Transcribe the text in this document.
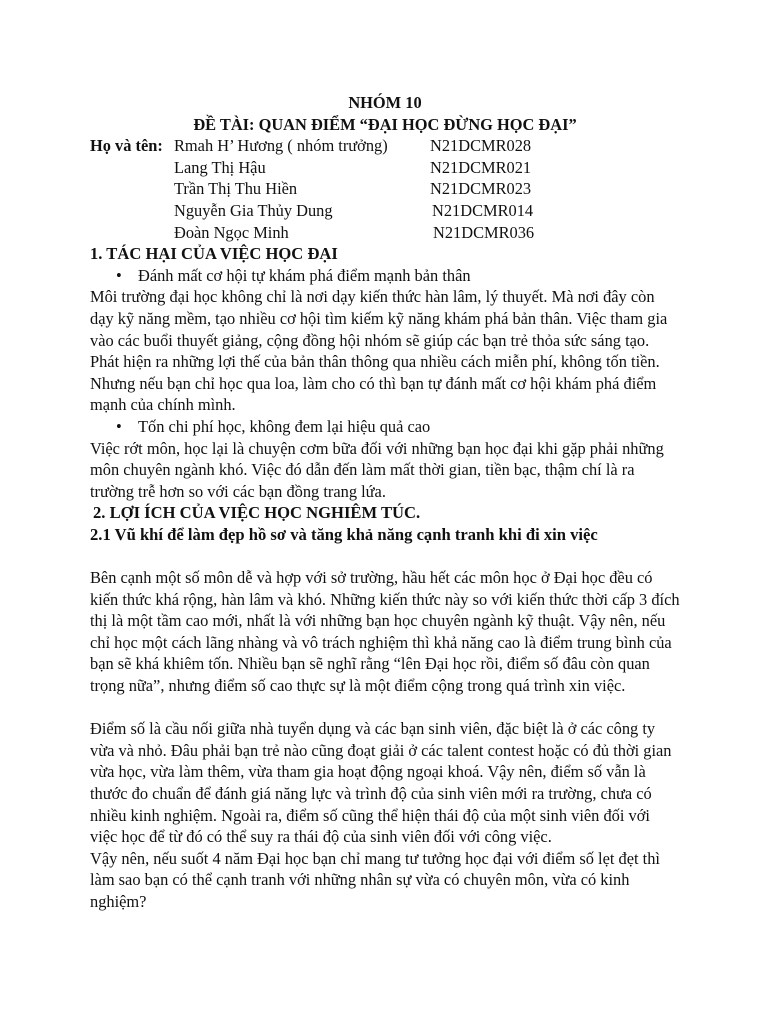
NHÓM 10
ĐỀ TÀI: QUAN ĐIỂM “ĐẠI HỌC ĐỪNG HỌC ĐẠI”
Họ và tên: Rmah H’ Hương ( nhóm trưởng)	N21DCMR028
Lang Thị Hậu	N21DCMR021
Trần Thị Thu Hiền	N21DCMR023
Nguyễn Gia Thủy Dung	N21DCMR014
Đoàn Ngọc Minh	N21DCMR036
1. TÁC HẠI CỦA VIỆC HỌC ĐẠI
• Đánh mất cơ hội tự khám phá điểm mạnh bản thân

Môi trường đại học không chỉ là nơi dạy kiến thức hàn lâm, lý thuyết. Mà nơi đây còn dạy kỹ năng mềm, tạo nhiều cơ hội tìm kiếm kỹ năng khám phá bản thân. Việc tham gia vào các buổi thuyết giảng, cộng đồng hội nhóm sẽ giúp các bạn trẻ thỏa sức sáng tạo. Phát hiện ra những lợi thế của bản thân thông qua nhiều cách miễn phí, không tốn tiền. Nhưng nếu bạn chỉ học qua loa, làm cho có thì bạn tự đánh mất cơ hội khám phá điểm mạnh của chính mình.

• Tốn chi phí học, không đem lại hiệu quả cao

Việc rớt môn, học lại là chuyện cơm bữa đối với những bạn học đại khi gặp phải những môn chuyên ngành khó. Việc đó dẫn đến làm mất thời gian, tiền bạc, thậm chí là ra trường trễ hơn so với các bạn đồng trang lứa.

2. LỢI ÍCH CỦA VIỆC HỌC NGHIÊM TÚC.
2.1 Vũ khí để làm đẹp hồ sơ và tăng khả năng cạnh tranh khi đi xin việc

Bên cạnh một số môn dễ và hợp với sở trường, hầu hết các môn học ở Đại học đều có kiến thức khá rộng, hàn lâm và khó. Những kiến thức này so với kiến thức thời cấp 3 đích thị là một tầm cao mới, nhất là với những bạn học chuyên ngành kỹ thuật. Vậy nên, nếu chỉ học một cách lãng nhàng và vô trách nghiệm thì khả năng cao là điểm trung bình của bạn sẽ khá khiêm tốn. Nhiều bạn sẽ nghĩ rằng “lên Đại học rồi, điểm số đâu còn quan trọng nữa”, nhưng điểm số cao thực sự là một điểm cộng trong quá trình xin việc.

Điểm số là cầu nối giữa nhà tuyển dụng và các bạn sinh viên, đặc biệt là ở các công ty vừa và nhỏ. Đâu phải bạn trẻ nào cũng đoạt giải ở các talent contest hoặc có đủ thời gian vừa học, vừa làm thêm, vừa tham gia hoạt động ngoại khoá. Vậy nên, điểm số vẫn là thước đo chuẩn để đánh giá năng lực và trình độ của sinh viên mới ra trường, chưa có nhiều kinh nghiệm. Ngoài ra, điểm số cũng thể hiện thái độ của một sinh viên đối với việc học để từ đó có thể suy ra thái độ của sinh viên đối với công việc.

Vậy nên, nếu suốt 4 năm Đại học bạn chỉ mang tư tưởng học đại với điểm số lẹt đẹt thì làm sao bạn có thể cạnh tranh với những nhân sự vừa có chuyên môn, vừa có kinh nghiệm?
